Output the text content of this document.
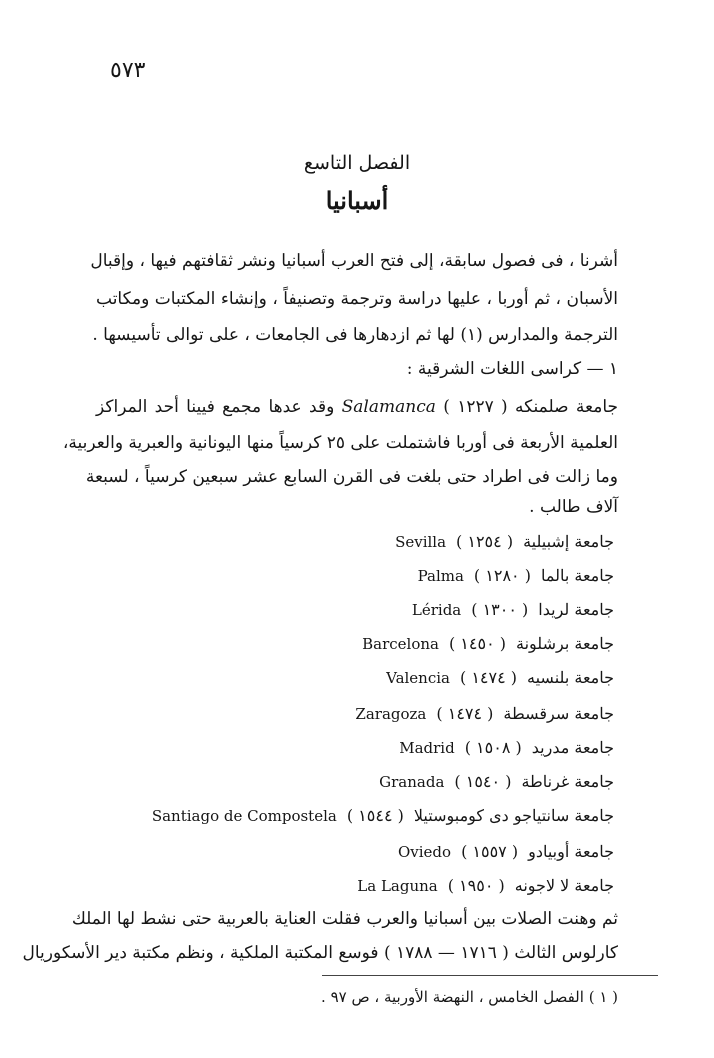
٥٧٣
الفصل التاسع
أسبانيا
أشرنا ، فى فصول سابقة، إلى فتح العرب أسبانيا ونشر ثقافتهم فيها ، وإقبال
الأسبان ، ثم أوربا ، عليها دراسة وترجمة وتصنيفاً ، وإنشاء المكتبات ومكاتب
الترجمة والمدارس (١) لها ثم ازدهارها فى الجامعات ، على توالى تأسيسها .
١ — كراسى اللغات الشرقية :
جامعة صلمنكه ( ١٢٢٧ ) Salamanca وقد عدها مجمع فيينا أحد المراكز
العلمية الأربعة فى أوربا فاشتملت على ٢٥ كرسياً منها اليونانية والعبرية والعربية،
وما زالت فى اطراد حتى بلغت فى القرن السابع عشر سبعين كرسياً ، لسبعة
آلاف طالب .
جامعة إشبيلية( ١٢٥٤ )Sevilla
جامعة بالما( ١٢٨٠ )Palma
جامعة لريدا( ١٣٠٠ )Lérida
جامعة برشلونة( ١٤٥٠ )Barcelona
جامعة بلنسيه( ١٤٧٤ )Valencia
جامعة سرقسطة( ١٤٧٤ )Zaragoza
جامعة مدريد( ١٥٠٨ )Madrid
جامعة غرناطة( ١٥٤٠ )Granada
جامعة سانتياجو دى كومبوستيلا( ١٥٤٤ )Santiago de Compostela
جامعة أوبيادو( ١٥٥٧ )Oviedo
جامعة لا لاجونه( ١٩٥٠ )La Laguna
ثم وهنت الصلات بين أسبانيا والعرب فقلت العناية بالعربية حتى نشط لها الملك
كارلوس الثالث ( ١٧١٦ — ١٧٨٨ ) فوسع المكتبة الملكية ، ونظم مكتبة دير الأسكوريال
( ١ ) الفصل الخامس ، النهضة الأوربية ، ص ٩٧ .
